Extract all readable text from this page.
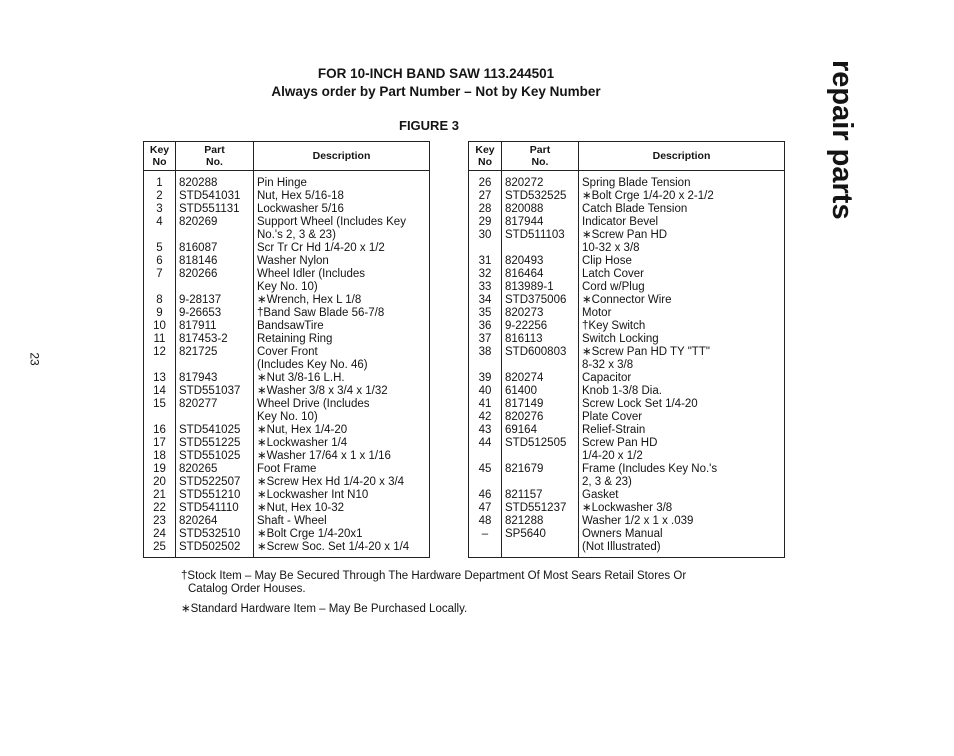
FOR 10-INCH BAND SAW 113.244501
Always order by Part Number – Not by Key Number
FIGURE 3	repair parts
23
Key
No	Part
No.	Description
1	820288	Pin Hinge
2	STD541031	Nut, Hex 5/16-18
3	STD551131	Lockwasher 5/16
4	820269	Support Wheel (Includes Key
		No.'s 2, 3 & 23)
5	816087	Scr Tr Cr Hd 1/4-20 x 1/2
6	818146	Washer Nylon
7	820266	Wheel Idler (Includes
		Key No. 10)
8	9-28137	∗Wrench, Hex L 1/8
9	9-26653	†Band Saw Blade 56-7/8
10	817911	BandsawTire
11	817453-2	Retaining Ring
12	821725	Cover Front
		(Includes Key No. 46)
13	817943	∗Nut 3/8-16 L.H.
14	STD551037	∗Washer 3/8 x 3/4 x 1/32
15	820277	Wheel Drive (Includes
		Key No. 10)
16	STD541025	∗Nut, Hex 1/4-20
17	STD551225	∗Lockwasher 1/4
18	STD551025	∗Washer 17/64 x 1 x 1/16
19	820265	Foot Frame
20	STD522507	∗Screw Hex Hd 1/4-20 x 3/4
21	STD551210	∗Lockwasher Int N10
22	STD541110	∗Nut, Hex 10-32
23	820264	Shaft - Wheel
24	STD532510	∗Bolt Crge 1/4-20x1
25	STD502502	∗Screw Soc. Set 1/4-20 x 1/4
Key
No	Part
No.	Description
26	820272	Spring Blade Tension
27	STD532525	∗Bolt Crge 1/4-20 x 2-1/2
28	820088	Catch Blade Tension
29	817944	Indicator Bevel
30	STD511103	∗Screw Pan HD
		10-32 x 3/8
31	820493	Clip Hose
32	816464	Latch Cover
33	813989-1	Cord w/Plug
34	STD375006	∗Connector Wire
35	820273	Motor
36	9-22256	†Key Switch
37	816113	Switch Locking
38	STD600803	∗Screw Pan HD TY "TT"
		8-32 x 3/8
39	820274	Capacitor
40	61400	Knob 1-3/8 Dia.
41	817149	Screw Lock Set 1/4-20
42	820276	Plate Cover
43	69164	Relief-Strain
44	STD512505	Screw Pan HD
		1/4-20 x 1/2
45	821679	Frame (Includes Key No.'s
		2, 3 & 23)
46	821157	Gasket
47	STD551237	∗Lockwasher 3/8
48	821288	Washer 1/2 x 1 x .039
–	SP5640	Owners Manual
		(Not Illustrated)
†Stock Item – May Be Secured Through The Hardware Department Of Most Sears Retail Stores Or
Catalog Order Houses.
∗Standard Hardware Item – May Be Purchased Locally.
